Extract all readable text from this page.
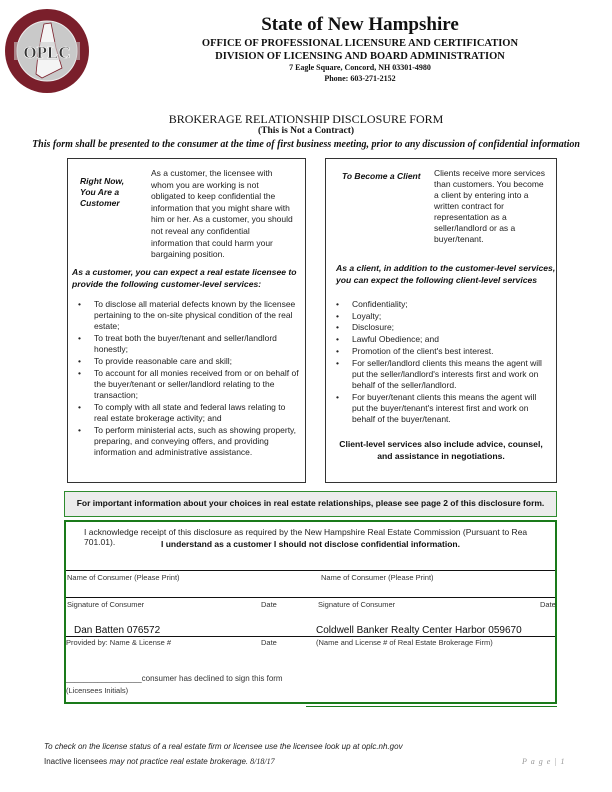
OPLC
State of New Hampshire
OFFICE OF PROFESSIONAL LICENSURE AND CERTIFICATION
DIVISION OF LICENSING AND BOARD ADMINISTRATION
7 Eagle Square, Concord, NH 03301-4980
Phone: 603-271-2152
BROKERAGE RELATIONSHIP DISCLOSURE FORM
(This is Not a Contract)
This form shall be presented to the consumer at the time of first business meeting, prior to any discussion of confidential information
Right Now,
You Are a
Customer
As a customer, the licensee with whom you are working is not obligated to keep confidential the information that you might share with him or her. As a customer, you should not reveal any confidential information that could harm your bargaining position.
As a customer, you can expect a real estate licensee to provide the following customer-level services:
• To disclose all material defects known by the licensee pertaining to the on-site physical condition of the real estate;
• To treat both the buyer/tenant and seller/landlord honestly;
• To provide reasonable care and skill;
• To account for all monies received from or on behalf of the buyer/tenant or seller/landlord relating to the transaction;
• To comply with all state and federal laws relating to real estate brokerage activity; and
• To perform ministerial acts, such as showing property, preparing, and conveying offers, and providing information and administrative assistance.
To Become a Client	Clients receive more services than customers. You become a client by entering into a written contract for representation as a seller/landlord or as a buyer/tenant.
As a client, in addition to the customer-level services, you can expect the following client-level services
• Confidentiality;
• Loyalty;
• Disclosure;
• Lawful Obedience; and
• Promotion of the client's best interest.
• For seller/landlord clients this means the agent will put the seller/landlord's interests first and work on behalf of the seller/landlord.
• For buyer/tenant clients this means the agent will put the buyer/tenant's interest first and work on behalf of the buyer/tenant.
Client-level services also include advice, counsel, and assistance in negotiations.
For important information about your choices in real estate relationships, please see page 2 of this disclosure form.
I acknowledge receipt of this disclosure as required by the New Hampshire Real Estate Commission (Pursuant to Rea 701.01).	I understand as a customer I should not disclose confidential information.
Name of Consumer (Please Print)	Name of Consumer (Please Print)
Signature of Consumer	Date	Signature of Consumer	Date
Dan Batten 076572	Coldwell Banker Realty Center Harbor 059670
Provided by: Name & License #	Date	(Name and License # of Real Estate Brokerage Firm)
_________________consumer has declined to sign this form
(Licensees Initials)
To check on the license status of a real estate firm or licensee use the licensee look up at oplc.nh.gov
Inactive licensees may not practice real estate brokerage. 8/18/17	P a g e | 1
